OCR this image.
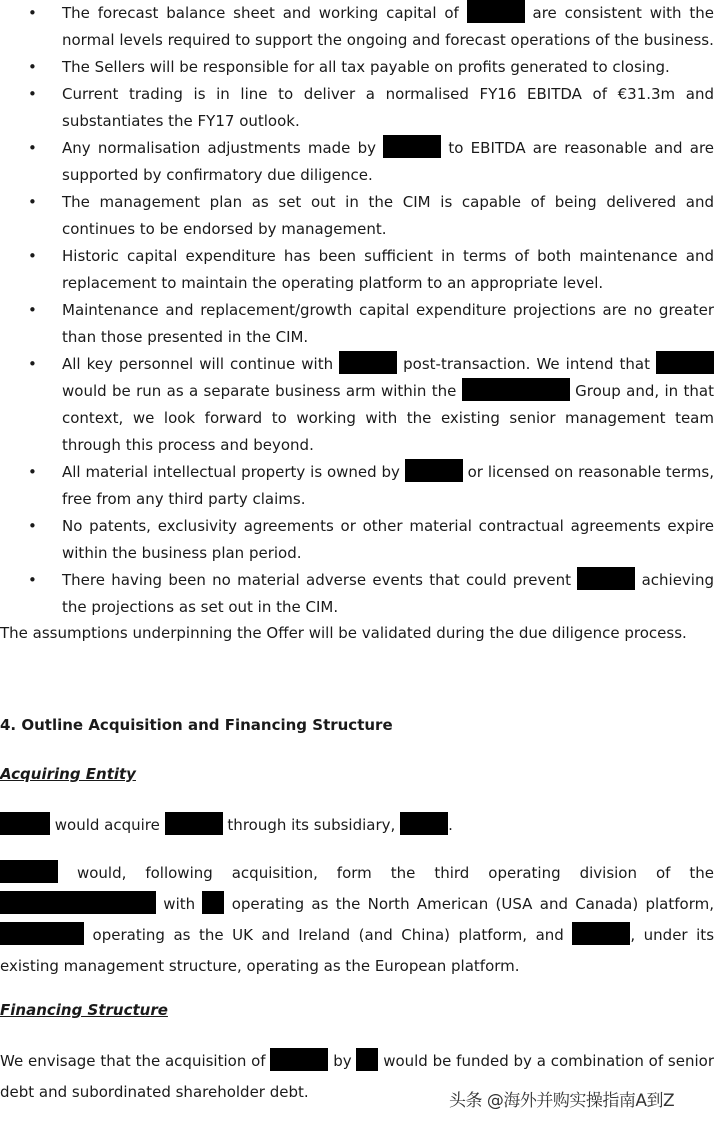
• The forecast balance sheet and working capital of	are consistent with the normal levels required to support the ongoing and forecast operations of the business.
• The Sellers will be responsible for all tax payable on profits generated to closing.
• Current trading is in line to deliver a normalised FY16 EBITDA of €31.3m and substantiates the FY17 outlook.
• Any normalisation adjustments made by	to EBITDA are reasonable and are supported by confirmatory due diligence.
• The management plan as set out in the CIM is capable of being delivered and continues to be endorsed by management.
• Historic capital expenditure has been sufficient in terms of both maintenance and replacement to maintain the operating platform to an appropriate level.
• Maintenance and replacement/growth capital expenditure projections are no greater than those presented in the CIM.
• All key personnel will continue with	post-transaction. We intend that  would be run as a separate business arm within the	Group and, in that context, we look forward to working with the existing senior management team through this process and beyond.
• All material intellectual property is owned by	or licensed on reasonable terms, free from any third party claims.
• No patents, exclusivity agreements or other material contractual agreements expire within the business plan period.
• There having been no material adverse events that could prevent	achieving the projections as set out in the CIM.

The assumptions underpinning the Offer will be validated during the due diligence process.

4. Outline Acquisition and Financing Structure

Acquiring Entity

would acquire	through its subsidiary,	.

would, following acquisition, form the third operating division of the  with  operating as the North American (USA and Canada) platform,  operating as the UK and Ireland (and China) platform, and	, under its existing management structure, operating as the European platform.

Financing Structure

We envisage that the acquisition of	by  would be funded by a combination of senior debt and subordinated shareholder debt.	头条 @海外并购实操指南A到Z
